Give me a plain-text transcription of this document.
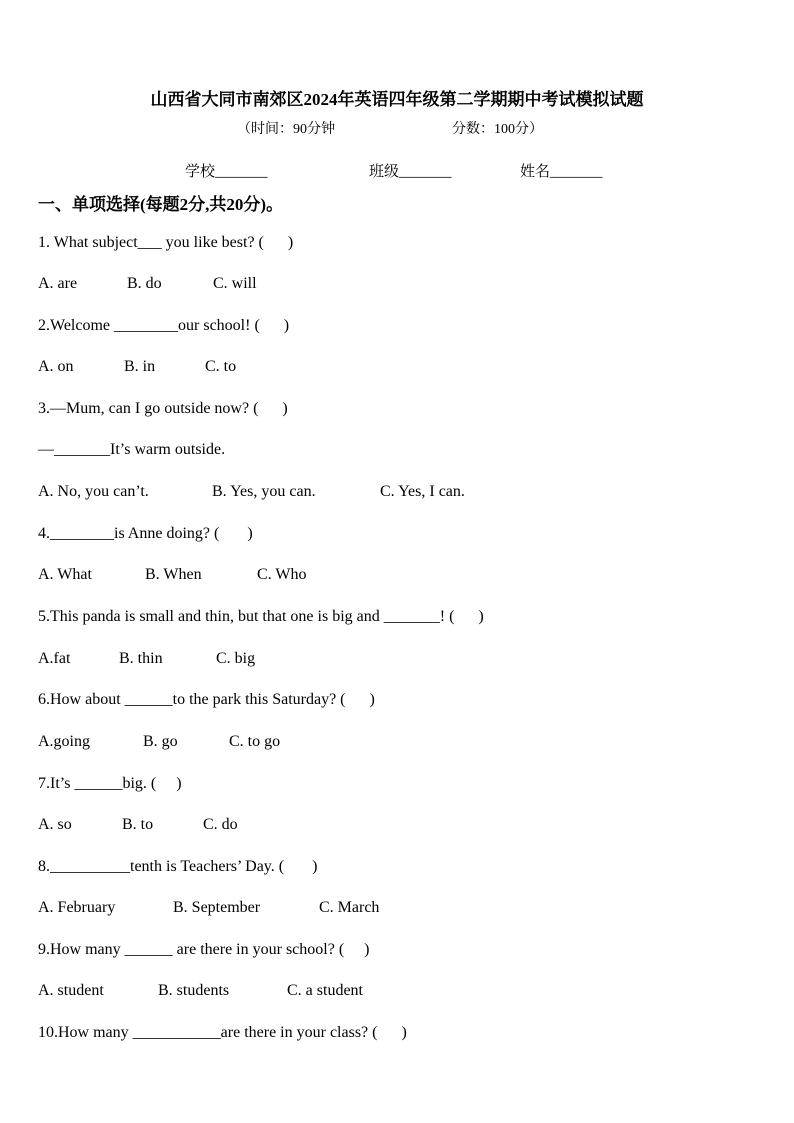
山西省大同市南郊区2024年英语四年级第二学期期中考试模拟试题
（时间：90分钟	分数：100分）
学校_______	班级_______	姓名_______
一、单项选择(每题2分,共20分)。
1. What subject___ you like best? (      )
A. are	B. do	C. will
2.Welcome ________our school! (      )
A. on	B. in	C. to
3.—Mum, can I go outside now? (      )
—_______It’s warm outside.
A. No, you can’t.	B. Yes, you can.	C. Yes, I can.
4.________is Anne doing? (       )
A. What	B. When	C. Who
5.This panda is small and thin, but that one is big and _______! (      )
A.fat	B. thin	C. big
6.How about ______to the park this Saturday? (      )
A.going	B. go	C. to go
7.It’s ______big. (     )
A. so	B. to	C. do
8.__________tenth is Teachers’ Day. (       )
A. February	B. September	C. March
9.How many ______ are there in your school? (     )
A. student	B. students	C. a student
10.How many ___________are there in your class? (      )
